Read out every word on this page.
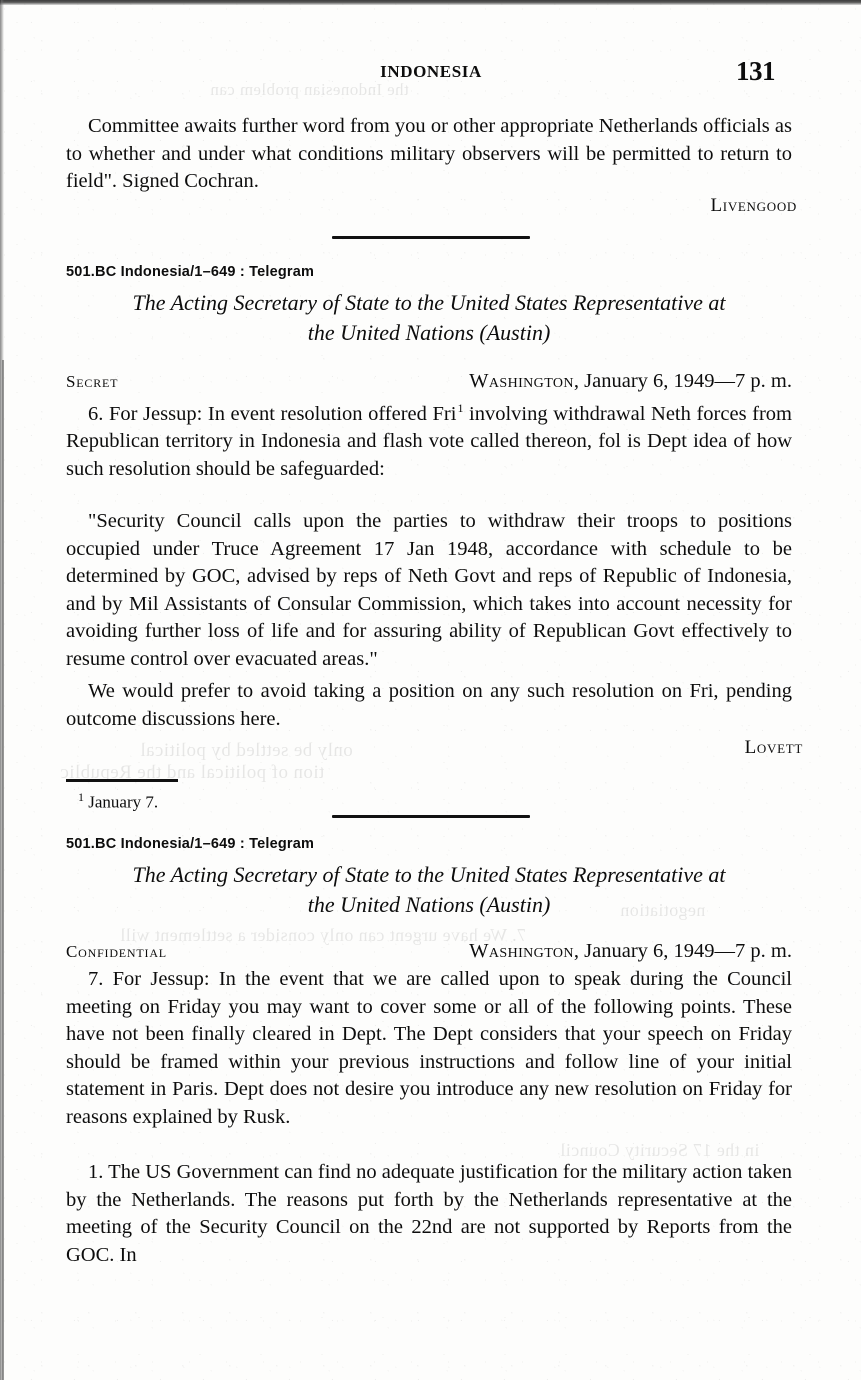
the Indonesian problem can
only be settled by political
tion of political and the Republic
negotiation
7. We have urgent can only consider a settlement will
in the 17 Security Council
INDONESIA	131

Committee awaits further word from you or other appropriate Netherlands officials as to whether and under what conditions military observers will be permitted to return to field". Signed Cochran.

Livengood
501.BC Indonesia/1–649 : Telegram
The Acting Secretary of State to the United States Representative at
the United Nations (Austin)
Secret	Washington, January 6, 1949—7 p. m.

6. For Jessup: In event resolution offered Fri$^1$ involving withdrawal Neth forces from Republican territory in Indonesia and flash vote called thereon, fol is Dept idea of how such resolution should be safeguarded:

"Security Council calls upon the parties to withdraw their troops to positions occupied under Truce Agreement 17 Jan 1948, accordance with schedule to be determined by GOC, advised by reps of Neth Govt and reps of Republic of Indonesia, and by Mil Assistants of Consular Commission, which takes into account necessity for avoiding further loss of life and for assuring ability of Republican Govt effectively to resume control over evacuated areas."

We would prefer to avoid taking a position on any such resolution on Fri, pending outcome discussions here.

Lovett
$^1$ January 7.
501.BC Indonesia/1–649 : Telegram
The Acting Secretary of State to the United States Representative at
the United Nations (Austin)
Confidential	Washington, January 6, 1949—7 p. m.

7. For Jessup: In the event that we are called upon to speak during the Council meeting on Friday you may want to cover some or all of the following points. These have not been finally cleared in Dept. The Dept considers that your speech on Friday should be framed within your previous instructions and follow line of your initial statement in Paris. Dept does not desire you introduce any new resolution on Friday for reasons explained by Rusk.

1. The US Government can find no adequate justification for the military action taken by the Netherlands. The reasons put forth by the Netherlands representative at the meeting of the Security Council on the 22nd are not supported by Reports from the GOC. In
